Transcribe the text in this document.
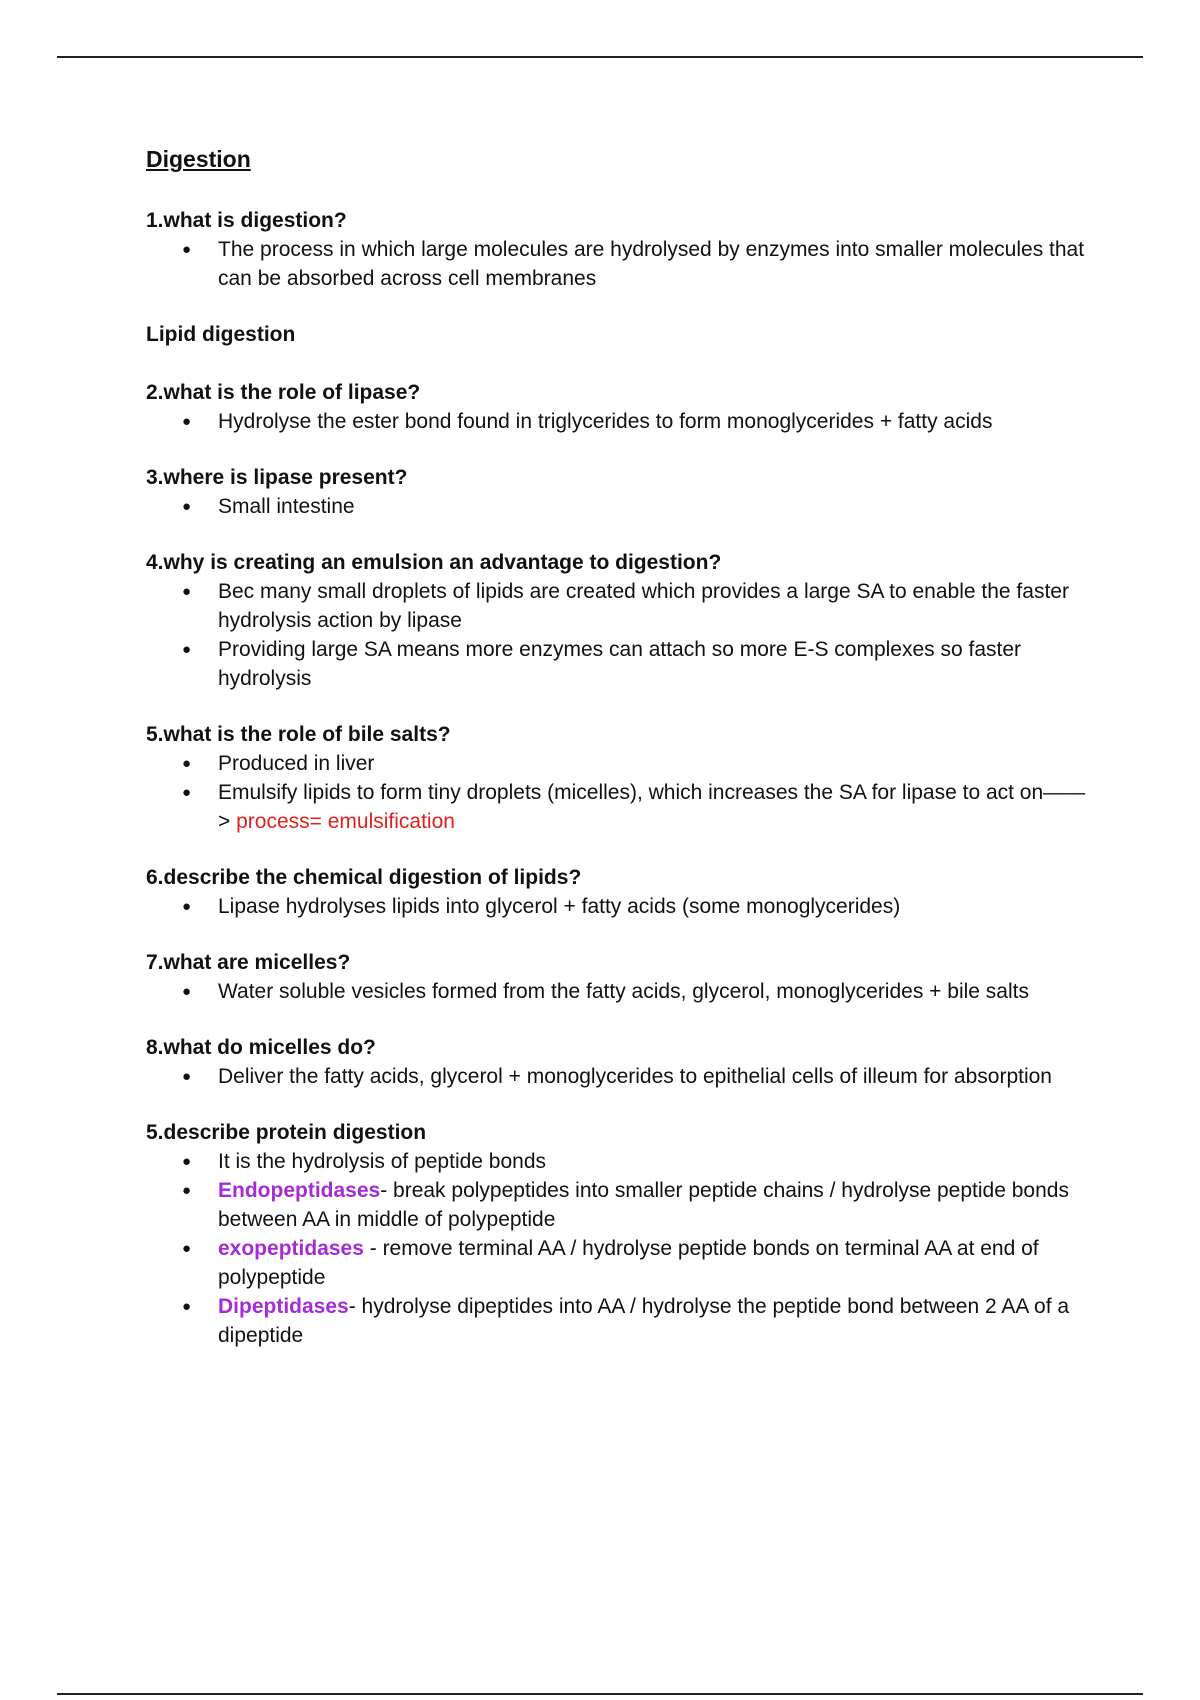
Digestion
1.what is digestion?
● The process in which large molecules are hydrolysed by enzymes into smaller molecules that can be absorbed across cell membranes
Lipid digestion
2.what is the role of lipase?
● Hydrolyse the ester bond found in triglycerides to form monoglycerides + fatty acids
3.where is lipase present?
● Small intestine
4.why is creating an emulsion an advantage to digestion?
● Bec many small droplets of lipids are created which provides a large SA to enable the faster hydrolysis action by lipase
● Providing large SA means more enzymes can attach so more E-S complexes so faster hydrolysis
5.what is the role of bile salts?
● Produced in liver
● Emulsify lipids to form tiny droplets (micelles), which increases the SA for lipase to act on——> process= emulsification
6.describe the chemical digestion of lipids?
● Lipase hydrolyses lipids into glycerol + fatty acids (some monoglycerides)
7.what are micelles?
● Water soluble vesicles formed from the fatty acids, glycerol, monoglycerides + bile salts
8.what do micelles do?
● Deliver the fatty acids, glycerol + monoglycerides to epithelial cells of illeum for absorption
5.describe protein digestion
● It is the hydrolysis of peptide bonds
● Endopeptidases- break polypeptides into smaller peptide chains / hydrolyse peptide bonds between AA in middle of polypeptide
● exopeptidases - remove terminal AA / hydrolyse peptide bonds on terminal AA at end of polypeptide
● Dipeptidases- hydrolyse dipeptides into AA / hydrolyse the peptide bond between 2 AA of a dipeptide
